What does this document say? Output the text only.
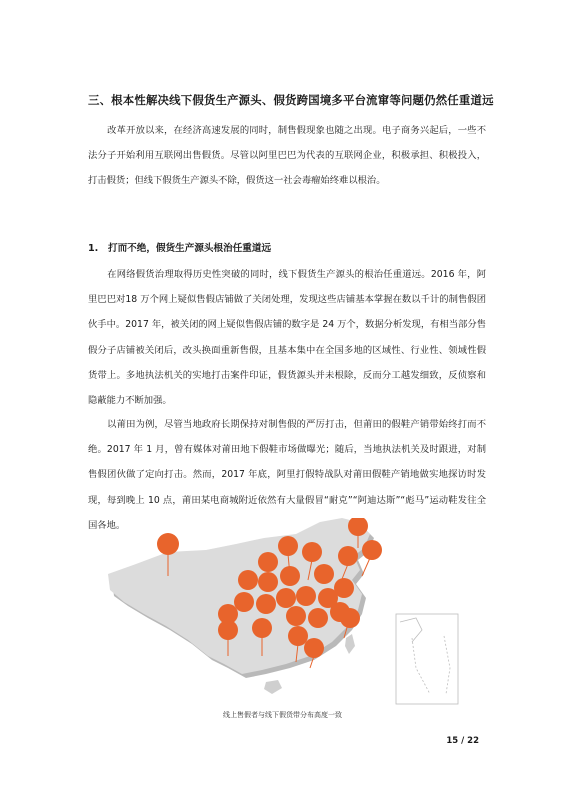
三、根本性解决线下假货生产源头、假货跨国境多平台流窜等问题仍然任重道远
改革开放以来，在经济高速发展的同时，制售假现象也随之出现。电子商务兴起后，一些不法分子开始利用互联网出售假货。尽管以阿里巴巴为代表的互联网企业，积极承担、积极投入，打击假货；但线下假货生产源头不除，假货这一社会毒瘤始终难以根治。
1. 打而不绝，假货生产源头根治任重道远
在网络假货治理取得历史性突破的同时，线下假货生产源头的根治任重道远。2016 年，阿里巴巴对18 万个网上疑似售假店铺做了关闭处理，发现这些店铺基本掌握在数以千计的制售假团伙手中。2017 年，被关闭的网上疑似售假店铺的数字是 24 万个，数据分析发现，有相当部分售假分子店铺被关闭后，改头换面重新售假，且基本集中在全国多地的区域性、行业性、领域性假货带上。多地执法机关的实地打击案件印证，假货源头并未根除，反而分工越发细致，反侦察和隐蔽能力不断加强。
以莆田为例，尽管当地政府长期保持对制售假的严厉打击，但莆田的假鞋产销带始终打而不绝。2017 年 1 月，曾有媒体对莆田地下假鞋市场做曝光；随后，当地执法机关及时跟进，对制售假团伙做了定向打击。然而，2017 年底，阿里打假特战队对莆田假鞋产销地做实地探访时发现，每到晚上 10 点，莆田某电商城附近依然有大量假冒“耐克”“阿迪达斯”“彪马”运动鞋发往全国各地。
线上售假者与线下假货带分布高度一致
15 / 22
